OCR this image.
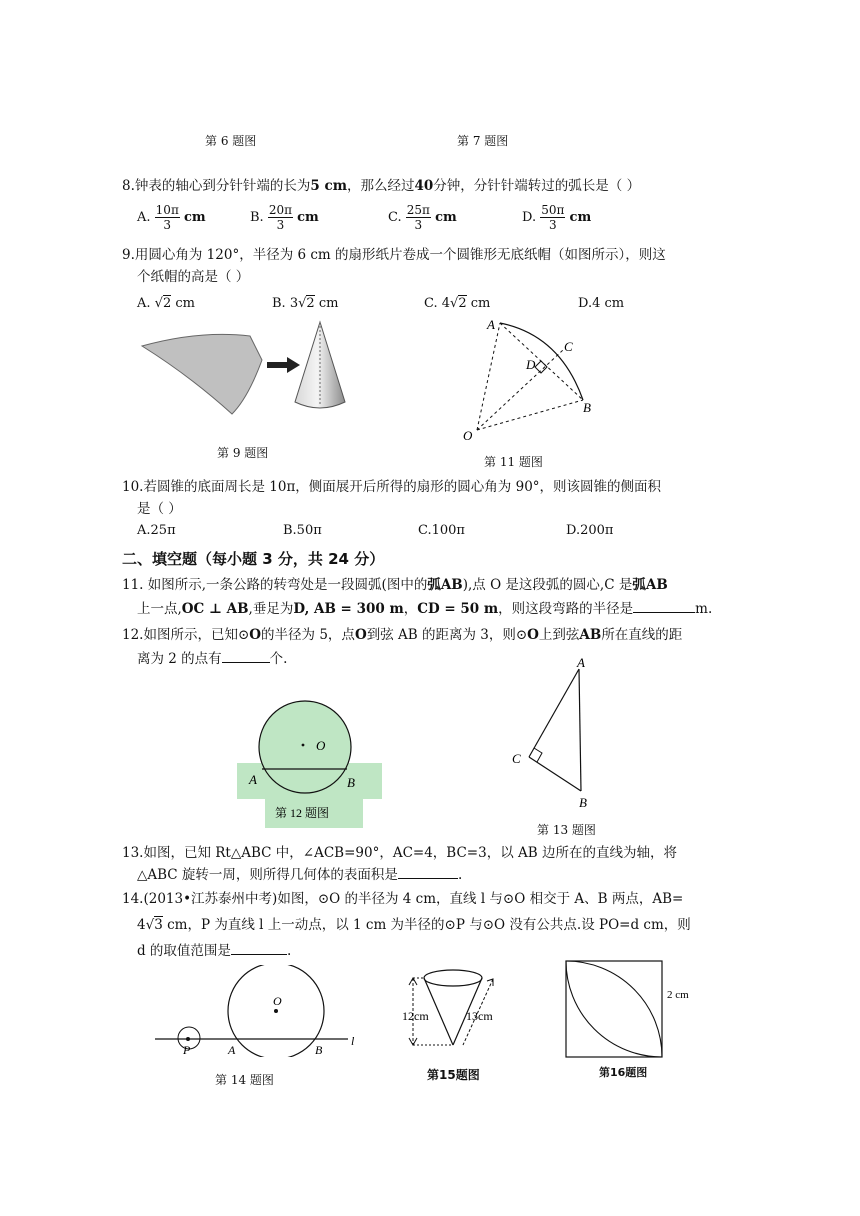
第 6 题图	第 7 题图
8.钟表的轴心到分针针端的长为5 cm，那么经过40分钟，分针针端转过的弧长是（ ）
A. $\frac{10\pi}{3}$ cm	B. $\frac{20\pi}{3}$ cm	C. $\frac{25\pi}{3}$ cm	D. $\frac{50\pi}{3}$ cm
9.用圆心角为 120°，半径为 6 cm 的扇形纸片卷成一个圆锥形无底纸帽（如图所示），则这
个纸帽的高是（ ）
A. √2 cm	B. 3√2 cm	C. 4√2 cm	D.4 cm
第 9 题图
A
C
D
B
O
第 11 题图
10.若圆锥的底面周长是 10π，侧面展开后所得的扇形的圆心角为 90°，则该圆锥的侧面积
是（ ）
A.25π	B.50π	C.100π	D.200π
二、填空题（每小题 3 分，共 24 分）
11. 如图所示,一条公路的转弯处是一段圆弧(图中的弧AB),点 O 是这段弧的圆心,C 是弧AB
上一点,OC ⊥ AB,垂足为D, AB = 300 m，CD = 50 m，则这段弯路的半径是	m.
12.如图所示，已知⊙O的半径为 5，点O到弦 AB 的距离为 3，则⊙O上到弦AB所在直线的距
离为 2 的点有	个.
O
A	B
第 12 题图
A
C
B
第 13 题图
13.如图，已知 Rt△ABC 中，∠ACB=90°，AC=4，BC=3，以 AB 边所在的直线为轴，将
△ABC 旋转一周，则所得几何体的表面积是	.
14.(2013•江苏泰州中考)如图，⊙O 的半径为 4 cm，直线 l 与⊙O 相交于 A、B 两点，AB=
4√3 cm，P 为直线 l 上一动点，以 1 cm 为半径的⊙P 与⊙O 没有公共点.设 PO=d cm，则
d 的取值范围是	.
O
P	A	B
l
第 14 题图
12cm	13cm
第15题图
2 cm
第16题图
